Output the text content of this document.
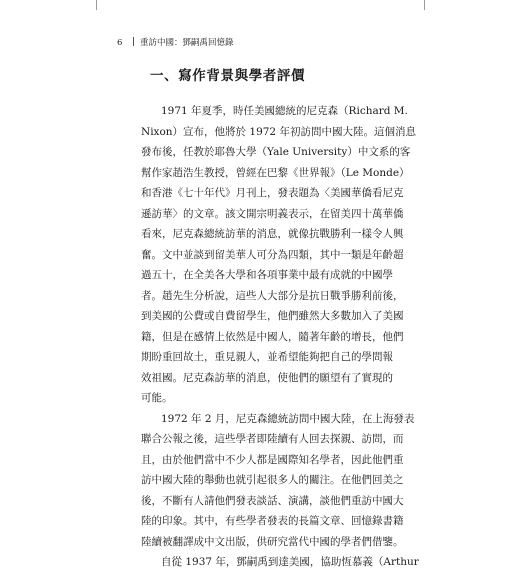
6 重訪中國：鄧嗣禹回憶錄
一、寫作背景與學者評價
1971 年夏季，時任美國總統的尼克森（Richard M.
Nixon）宣布，他將於 1972 年初訪問中國大陸。這個消息
發布後，任教於耶魯大學（Yale University）中文系的客
幫作家趙浩生教授，曾經在巴黎《世界報》（Le Monde）
和香港《七十年代》月刊上，發表題為〈美國華僑看尼克
遜訪華〉的文章。該文開宗明義表示，在留美四十萬華僑
看來，尼克森總統訪華的消息，就像抗戰勝利一樣令人興
奮。文中並談到留美華人可分為四類，其中一類是年齡超
過五十，在全美各大學和各項事業中最有成就的中國學
者。趙先生分析說，這些人大部分是抗日戰爭勝利前後，
到美國的公費或自費留學生，他們雖然大多數加入了美國
籍，但是在感情上依然是中國人，隨著年齡的增長，他們
期盼重回故土，重見親人，並希望能夠把自己的學問報
效祖國。尼克森訪華的消息，使他們的願望有了實現的
可能。
1972 年 2 月，尼克森總統訪問中國大陸，在上海發表
聯合公報之後，這些學者即陸續有人回去探親、訪問，而
且，由於他們當中不少人都是國際知名學者，因此他們重
訪中國大陸的舉動也就引起很多人的關注。在他們回美之
後，不斷有人請他們發表談話、演講，談他們重訪中國大
陸的印象。其中，有些學者發表的長篇文章、回憶錄書籍
陸續被翻譯成中文出版，供研究當代中國的學者們借鑒。
自從 1937 年，鄧嗣禹到達美國，協助恆慕義（Arthur
